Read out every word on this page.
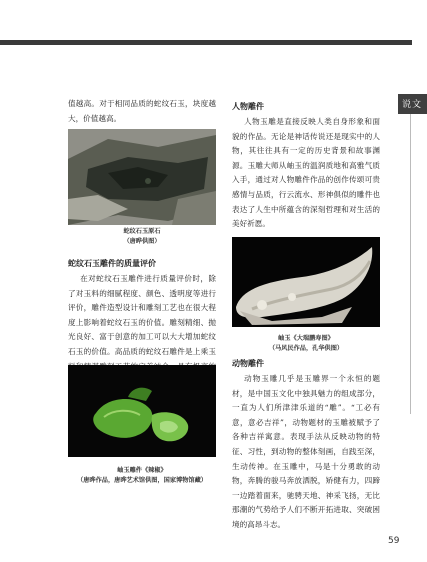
说文

值越高。对于相同品质的蛇纹石玉，块度越大，价值越高。

蛇纹石玉原石
（唐晔供图）

蛇纹石玉雕件的质量评价

在对蛇纹石玉雕件进行质量评价时，除了对玉料的细腻程度、颜色、透明度等进行评价，雕件造型设计和雕刻工艺也在很大程度上影响着蛇纹石玉的价值。雕刻精细、抛光良好、富于创意的加工可以大大增加蛇纹石玉的价值。高品质的蛇纹石雕件是上乘玉

岫玉雕件《辣椒》
（唐晔作品，唐晔艺术馆供图，国家博物馆藏）

人物雕件

人物玉雕是直接反映人类自身形象和面貌的作品。无论是神话传说还是现实中的人物，其往往具有一定的历史背景和故事渊源。玉雕大师从岫玉的温润质地和高雅气质入手，通过对人物雕件作品的创作传颂可贵感情与品质，行云流水、形神俱似的雕件也表达了人生中所蕴含的深刻哲理和对生活的美好祈愿。

岫玉《大瑞鹏寿图》
（马风民作品，孔华供图）

动物雕件

动物玉雕几乎是玉雕界一个永恒的题材，是中国玉文化中独具魅力的组成部分，一直为人们所津津乐道的“雕”。“工必有意，意必吉祥”，动物题材的玉雕被赋予了各种吉祥寓意。表现手法从反映动物的特征、习性，到动物的整体刻画，自践至深，生动传神。在玉雕中，马是十分勇敢的动物，奔腾的骏马奔放洒脱，矫健有力，四蹄一边踏着面来，驰骋天地、神采飞扬，无比那潮的气势给予人们不断开拓进取、突破困境的高昂斗志。

59
